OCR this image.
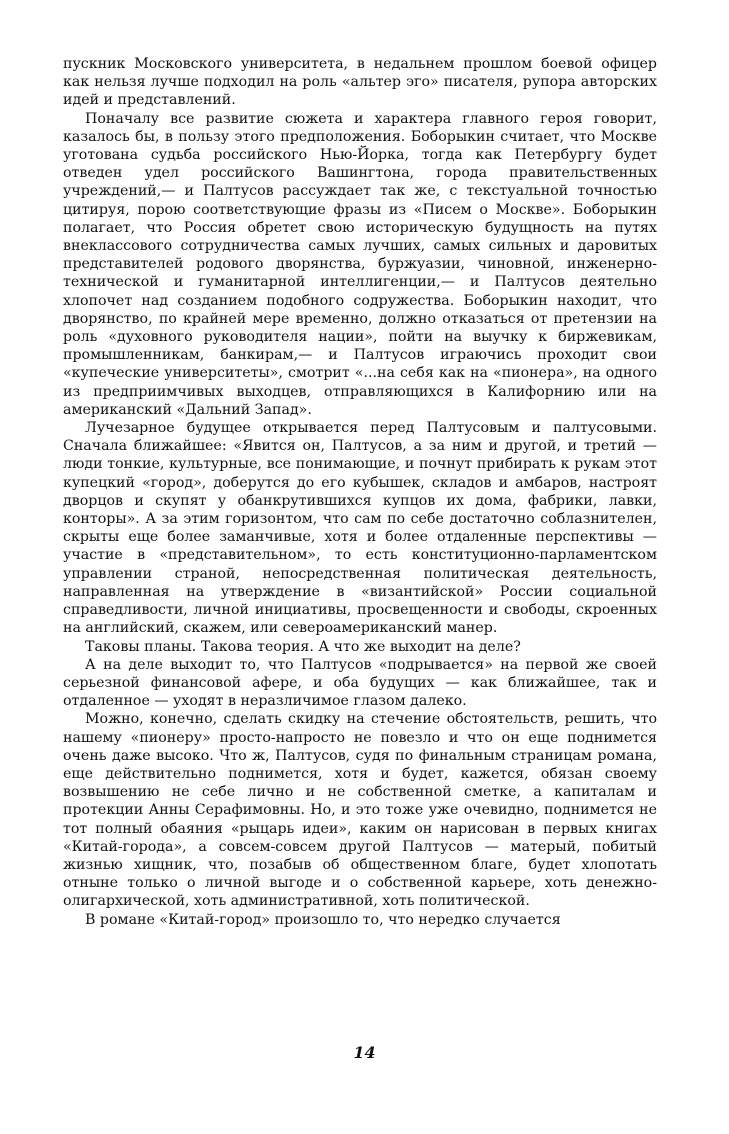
пускник Московского университета, в недальнем прошлом боевой офицер как нельзя лучше подходил на роль «альтер эго» писателя, рупора авторских идей и представлений.

Поначалу все развитие сюжета и характера главного героя говорит, казалось бы, в пользу этого предположения. Боборыкин считает, что Москве уготована судьба российского Нью-Йорка, тогда как Петербургу будет отведен удел российского Вашингтона, города правительственных учреждений,— и Палтусов рассуждает так же, с текстуальной точностью цитируя, порою соответствующие фразы из «Писем о Москве». Боборыкин полагает, что Россия обретет свою историческую будущность на путях внеклассового сотрудничества самых лучших, самых сильных и даровитых представителей родового дворянства, буржуазии, чиновной, инженерно-технической и гуманитарной интеллигенции,— и Палтусов деятельно хлопочет над созданием подобного содружества. Боборыкин находит, что дворянство, по крайней мере временно, должно отказаться от претензии на роль «духовного руководителя нации», пойти на выучку к биржевикам, промышленникам, банкирам,— и Палтусов играючись проходит свои «купеческие университеты», смотрит «...на себя как на «пионера», на одного из предприимчивых выходцев, отправляющихся в Калифорнию или на американский «Дальний Запад».

Лучезарное будущее открывается перед Палтусовым и палтусовыми. Сначала ближайшее: «Явится он, Палтусов, а за ним и другой, и третий — люди тонкие, культурные, все понимающие, и почнут прибирать к рукам этот купецкий «город», доберутся до его кубышек, складов и амбаров, настроят дворцов и скупят у обанкрутившихся купцов их дома, фабрики, лавки, конторы». А за этим горизонтом, что сам по себе достаточно соблазнителен, скрыты еще более заманчивые, хотя и более отдаленные перспективы — участие в «представительном», то есть конституционно-парламентском управлении страной, непосредственная политическая деятельность, направленная на утверждение в «византийской» России социальной справедливости, личной инициативы, просвещенности и свободы, скроенных на английский, скажем, или североамериканский манер.

Таковы планы. Такова теория. А что же выходит на деле?

А на деле выходит то, что Палтусов «подрывается» на первой же своей серьезной финансовой афере, и оба будущих — как ближайшее, так и отдаленное — уходят в неразличимое глазом далеко.

Можно, конечно, сделать скидку на стечение обстоятельств, решить, что нашему «пионеру» просто-напросто не повезло и что он еще поднимется очень даже высоко. Что ж, Палтусов, судя по финальным страницам романа, еще действительно поднимется, хотя и будет, кажется, обязан своему возвышению не себе лично и не собственной сметке, а капиталам и протекции Анны Серафимовны. Но, и это тоже уже очевидно, поднимется не тот полный обаяния «рыцарь идеи», каким он нарисован в первых книгах «Китай-города», а совсем-совсем другой Палтусов — матерый, побитый жизнью хищник, что, позабыв об общественном благе, будет хлопотать отныне только о личной выгоде и о собственной карьере, хоть денежно-олигархической, хоть административной, хоть политической.

В романе «Китай-город» произошло то, что нередко случается

14
